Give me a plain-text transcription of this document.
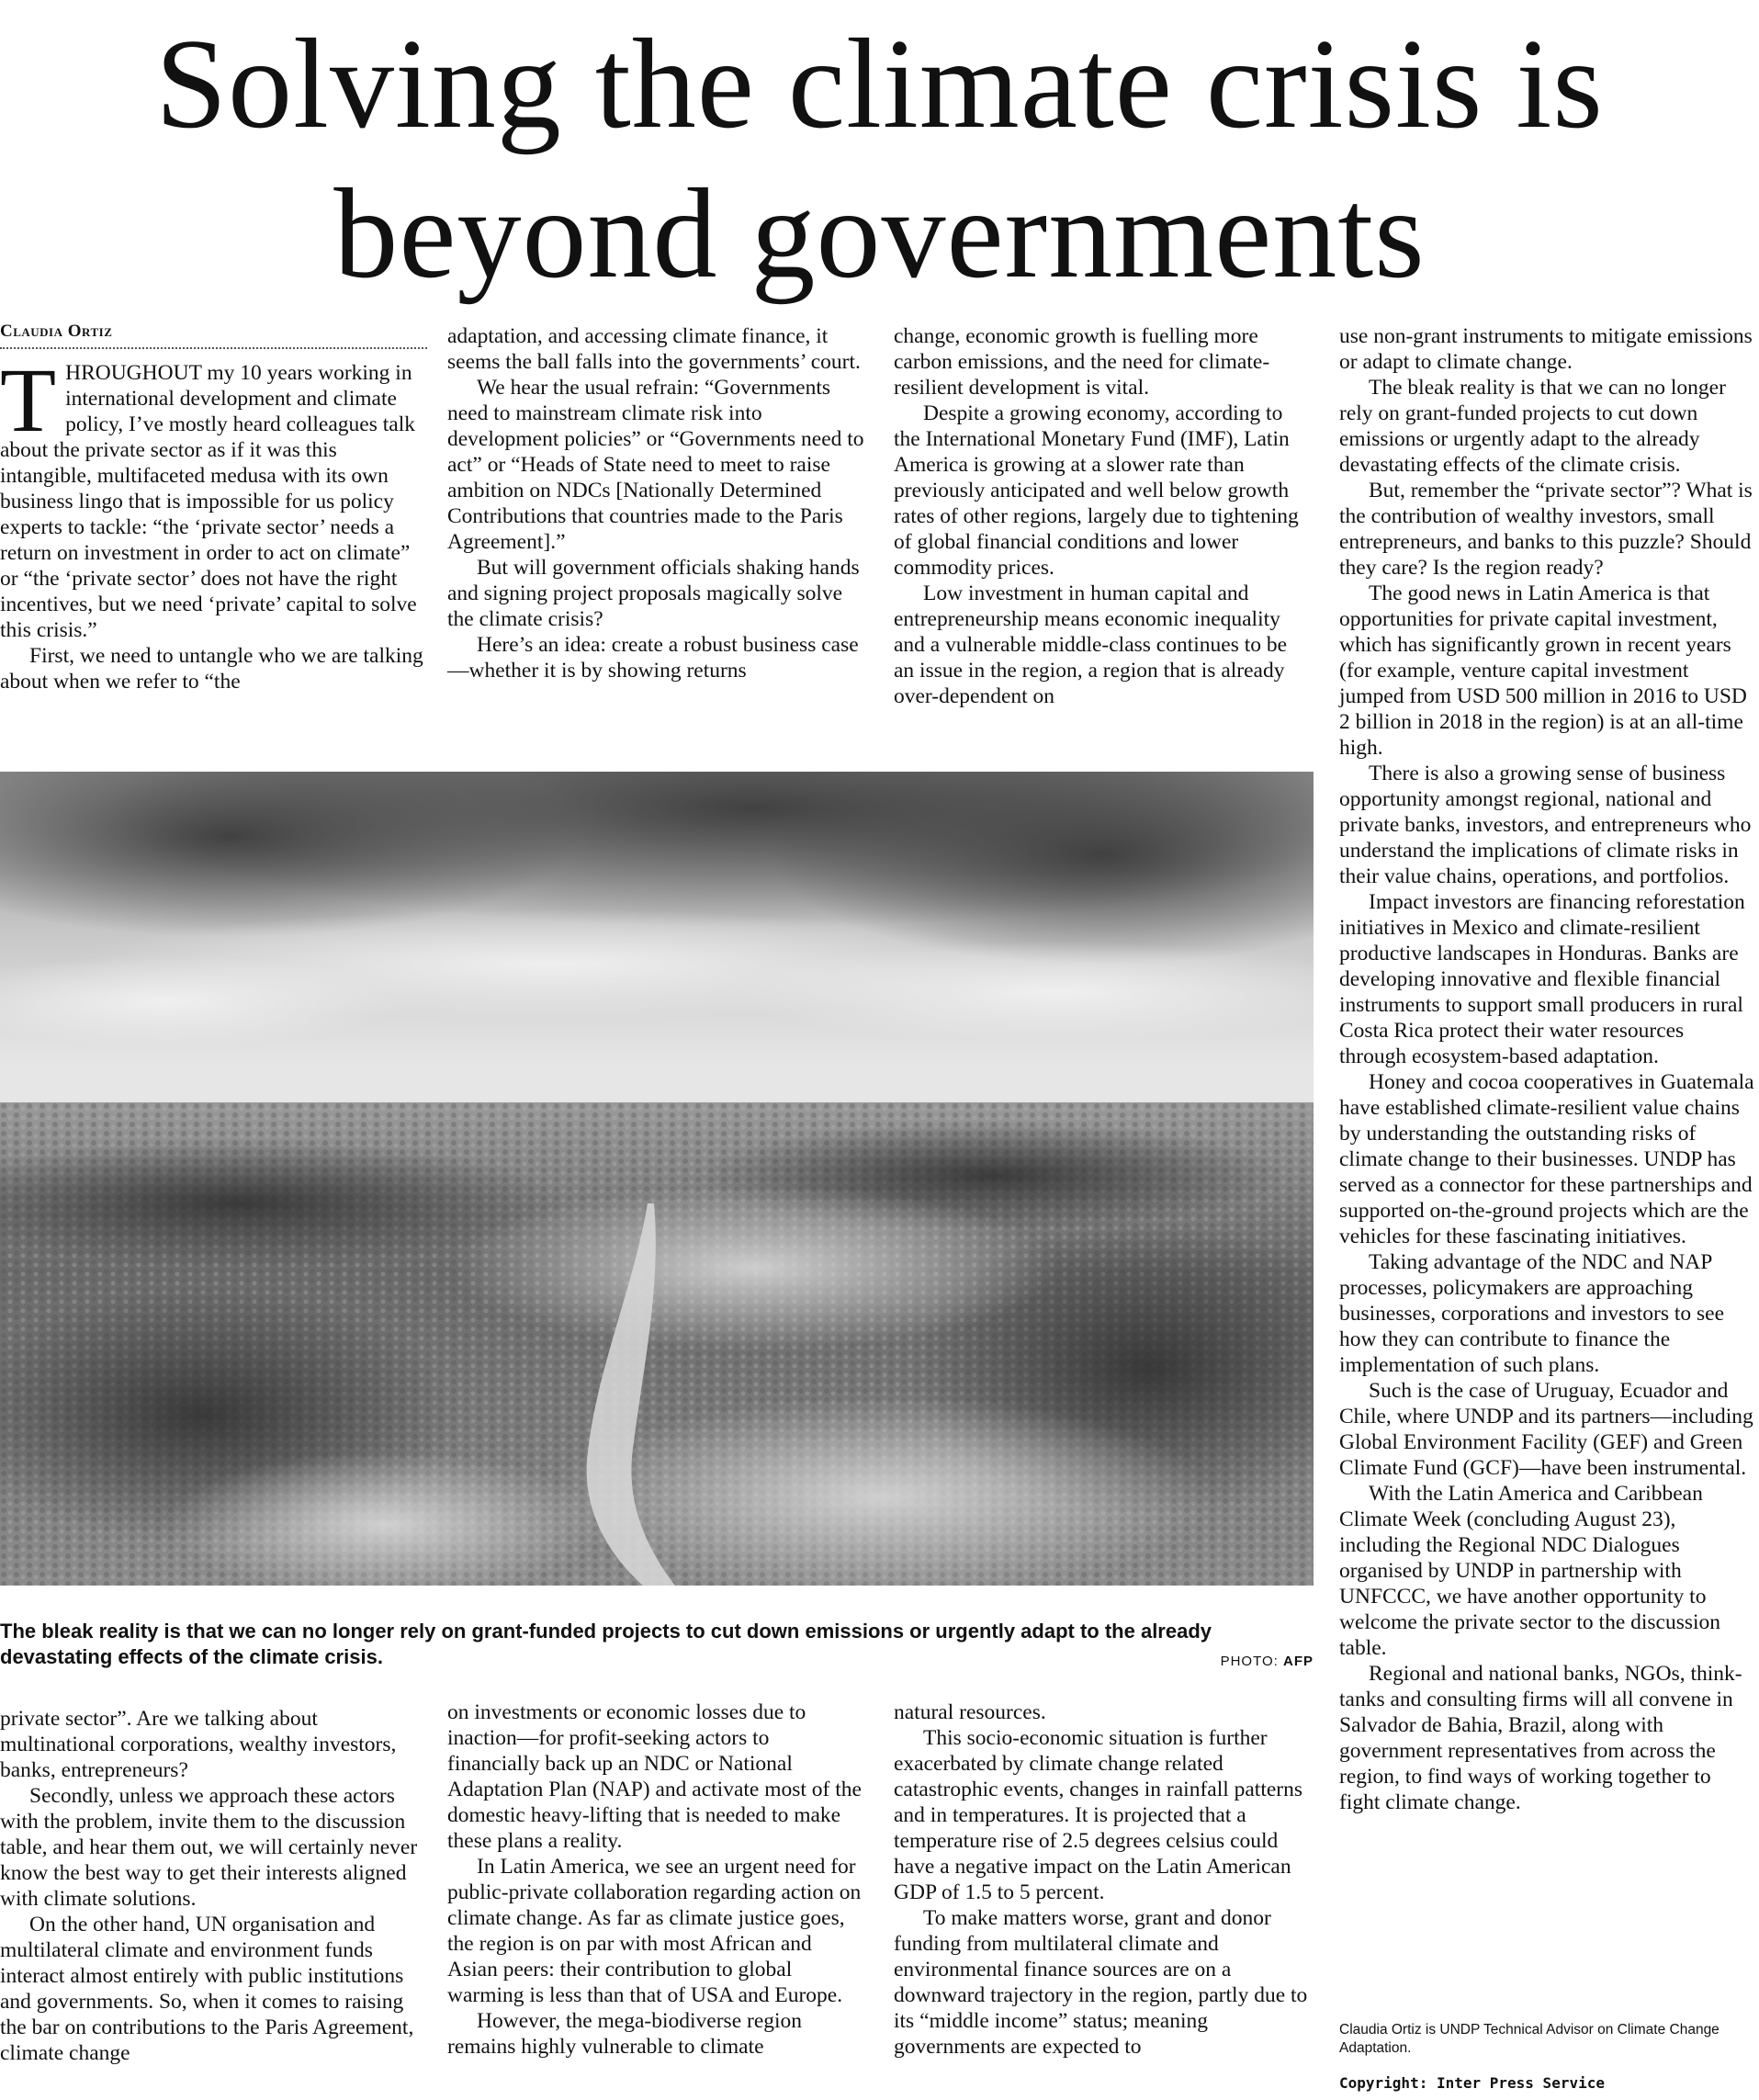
Solving the climate crisis is
beyond governments
Claudia Ortiz

THROUGHOUT my 10 years working in international development and climate policy, I’ve mostly heard colleagues talk about the private sector as if it was this intangible, multifaceted medusa with its own business lingo that is impossible for us policy experts to tackle: “the ‘private sector’ needs a return on investment in order to act on climate” or “the ‘private sector’ does not have the right incentives, but we need ‘private’ capital to solve this crisis.”

First, we need to untangle who we are talking about when we refer to “the

adaptation, and accessing climate finance, it seems the ball falls into the governments’ court.

We hear the usual refrain: “Governments need to mainstream climate risk into development policies” or “Governments need to act” or “Heads of State need to meet to raise ambition on NDCs [Nationally Determined Contributions that countries made to the Paris Agreement].”

But will government officials shaking hands and signing project proposals magically solve the climate crisis?

Here’s an idea: create a robust business case—whether it is by showing returns

change, economic growth is fuelling more carbon emissions, and the need for climate-resilient development is vital.

Despite a growing economy, according to the International Monetary Fund (IMF), Latin America is growing at a slower rate than previously anticipated and well below growth rates of other regions, largely due to tightening of global financial conditions and lower commodity prices.

Low investment in human capital and entrepreneurship means economic inequality and a vulnerable middle-class continues to be an issue in the region, a region that is already over-dependent on

use non-grant instruments to mitigate emissions or adapt to climate change.

The bleak reality is that we can no longer rely on grant-funded projects to cut down emissions or urgently adapt to the already devastating effects of the climate crisis.

But, remember the “private sector”? What is the contribution of wealthy investors, small entrepreneurs, and banks to this puzzle? Should they care? Is the region ready?

The good news in Latin America is that opportunities for private capital investment, which has significantly grown in recent years (for example, venture capital investment jumped from USD 500 million in 2016 to USD 2 billion in 2018 in the region) is at an all-time high.

There is also a growing sense of business opportunity amongst regional, national and private banks, investors, and entrepreneurs who understand the implications of climate risks in their value chains, operations, and portfolios.

Impact investors are financing reforestation initiatives in Mexico and climate-resilient productive landscapes in Honduras. Banks are developing innovative and flexible financial instruments to support small producers in rural Costa Rica protect their water resources through ecosystem-based adaptation.

Honey and cocoa cooperatives in Guatemala have established climate-resilient value chains by understanding the outstanding risks of climate change to their businesses. UNDP has served as a connector for these partnerships and supported on-the-ground projects which are the vehicles for these fascinating initiatives.

Taking advantage of the NDC and NAP processes, policymakers are approaching businesses, corporations and investors to see how they can contribute to finance the implementation of such plans.

Such is the case of Uruguay, Ecuador and Chile, where UNDP and its partners—including Global Environment Facility (GEF) and Green Climate Fund (GCF)—have been instrumental.

With the Latin America and Caribbean Climate Week (concluding August 23), including the Regional NDC Dialogues organised by UNDP in partnership with UNFCCC, we have another opportunity to welcome the private sector to the discussion table.

Regional and national banks, NGOs, think-tanks and consulting firms will all convene in Salvador de Bahia, Brazil, along with government representatives from across the region, to find ways of working together to fight climate change.

The bleak reality is that we can no longer rely on grant-funded projects to cut down emissions or urgently adapt to the already devastating effects of the climate crisis.	PHOTO: AFP

private sector”. Are we talking about multinational corporations, wealthy investors, banks, entrepreneurs?

Secondly, unless we approach these actors with the problem, invite them to the discussion table, and hear them out, we will certainly never know the best way to get their interests aligned with climate solutions.

On the other hand, UN organisation and multilateral climate and environment funds interact almost entirely with public institutions and governments. So, when it comes to raising the bar on contributions to the Paris Agreement, climate change

on investments or economic losses due to inaction—for profit-seeking actors to financially back up an NDC or National Adaptation Plan (NAP) and activate most of the domestic heavy-lifting that is needed to make these plans a reality.

In Latin America, we see an urgent need for public-private collaboration regarding action on climate change. As far as climate justice goes, the region is on par with most African and Asian peers: their contribution to global warming is less than that of USA and Europe.

However, the mega-biodiverse region remains highly vulnerable to climate

natural resources.

This socio-economic situation is further exacerbated by climate change related catastrophic events, changes in rainfall patterns and in temperatures. It is projected that a temperature rise of 2.5 degrees celsius could have a negative impact on the Latin American GDP of 1.5 to 5 percent.

To make matters worse, grant and donor funding from multilateral climate and environmental finance sources are on a downward trajectory in the region, partly due to its “middle income” status; meaning governments are expected to

Claudia Ortiz is UNDP Technical Advisor on Climate Change Adaptation.
Copyright: Inter Press Service
